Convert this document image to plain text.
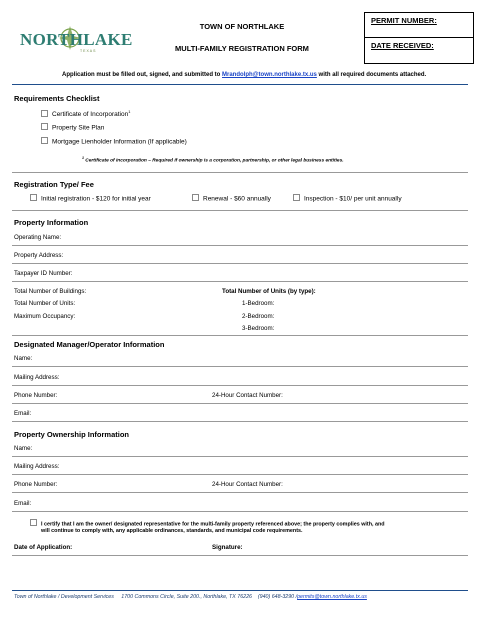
NORTHLAKE
TEXAS
TOWN OF NORTHLAKE
MULTI-FAMILY REGISTRATION FORM
PERMIT NUMBER:
DATE RECEIVED:
Application must be filled out, signed, and submitted to Mrandolph@town.northlake.tx.us with all required documents attached.
Requirements Checklist
Certificate of Incorporation$^1$
Property Site Plan
Mortgage Lienholder Information (If applicable)
$^1$ Certificate of Incorporation – Required if ownership is a corporation, partnership, or other legal business entities.
Registration Type/ Fee
Initial registration - $120 for initial year	Renewal - $60 annually	Inspection - $10/ per unit annually
Property Information
Operating Name:
Property Address:
Taxpayer ID Number:
Total Number of Buildings:
Total Number of Units:
Maximum Occupancy:
Total Number of Units (by type):
1-Bedroom:
2-Bedroom:
3-Bedroom:
Designated Manager/Operator Information
Name:
Mailing Address:
Phone Number:	24-Hour Contact Number:
Email:
Property Ownership Information
Name:
Mailing Address:
Phone Number:	24-Hour Contact Number:
Email:
I certify that I am the owner/ designated representative for the multi-family property referenced above; the property complies with, and
will continue to comply with, any applicable ordinances, standards, and municipal code requirements.
Date of Application:	Signature:
Town of Northlake / Development Services 1700 Commons Circle, Suite 200., Northlake, TX 76226 (940) 648-3290 /permits@town.northlake.tx.us
